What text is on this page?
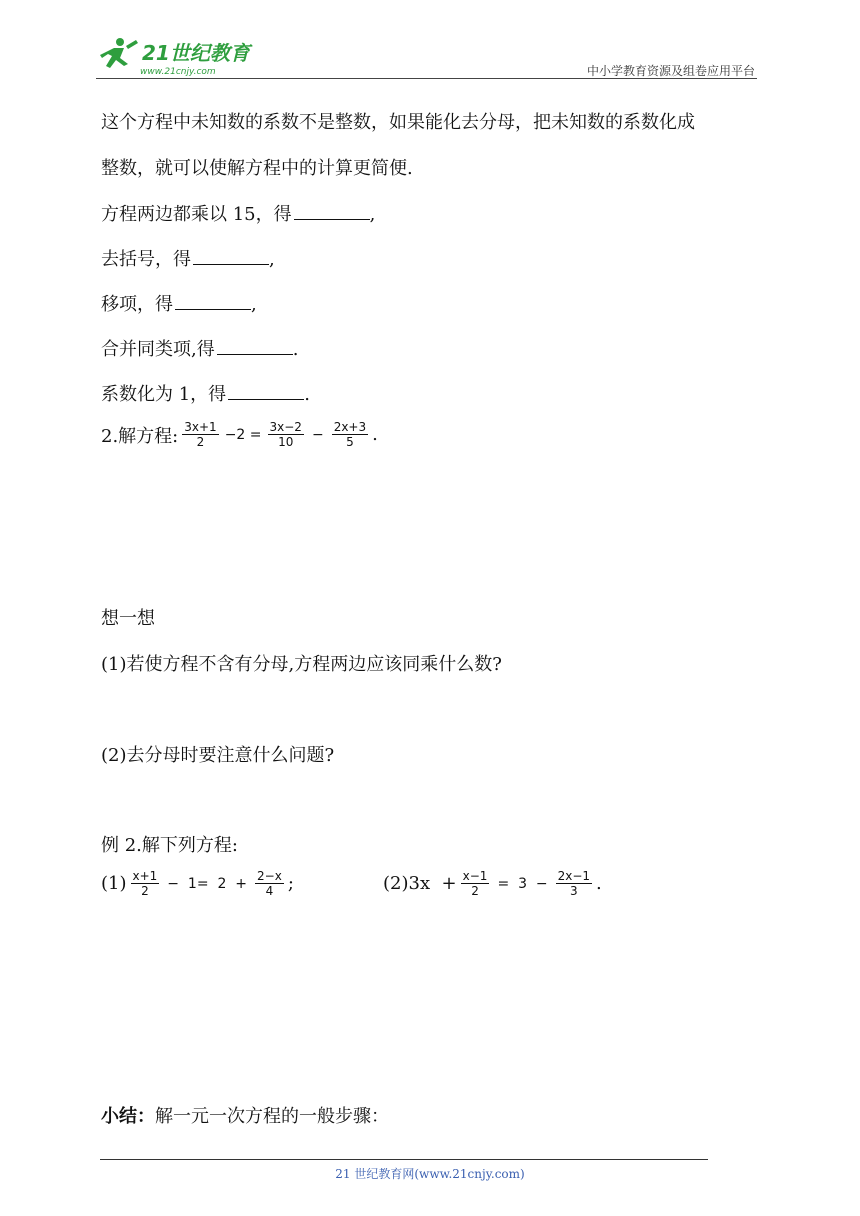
21世纪教育
www.21cnjy.com	中小学教育资源及组卷应用平台
这个方程中未知数的系数不是整数，如果能化去分母，把未知数的系数化成
整数，就可以使解方程中的计算更简便.
方程两边都乘以 15，得	,
去括号，得	,
移项，得	,
合并同类项,得	.
系数化为 1，得	.
2.解方程: $\frac{3x+1}{2} -2 = \frac{3x-2}{10} - \frac{2x+3}{5}$ .
想一想
(1)若使方程不含有分母,方程两边应该同乘什么数?
(2)去分母时要注意什么问题?
例 2.解下列方程:
$(1) \frac{x+1}{2} - 1= 2 + \frac{2-x}{4}$ ;	$(2)3x + \frac{x-1}{2} = 3 - \frac{2x-1}{3}$ .
小结：解一元一次方程的一般步骤：
21 世纪教育网(www.21cnjy.com)
